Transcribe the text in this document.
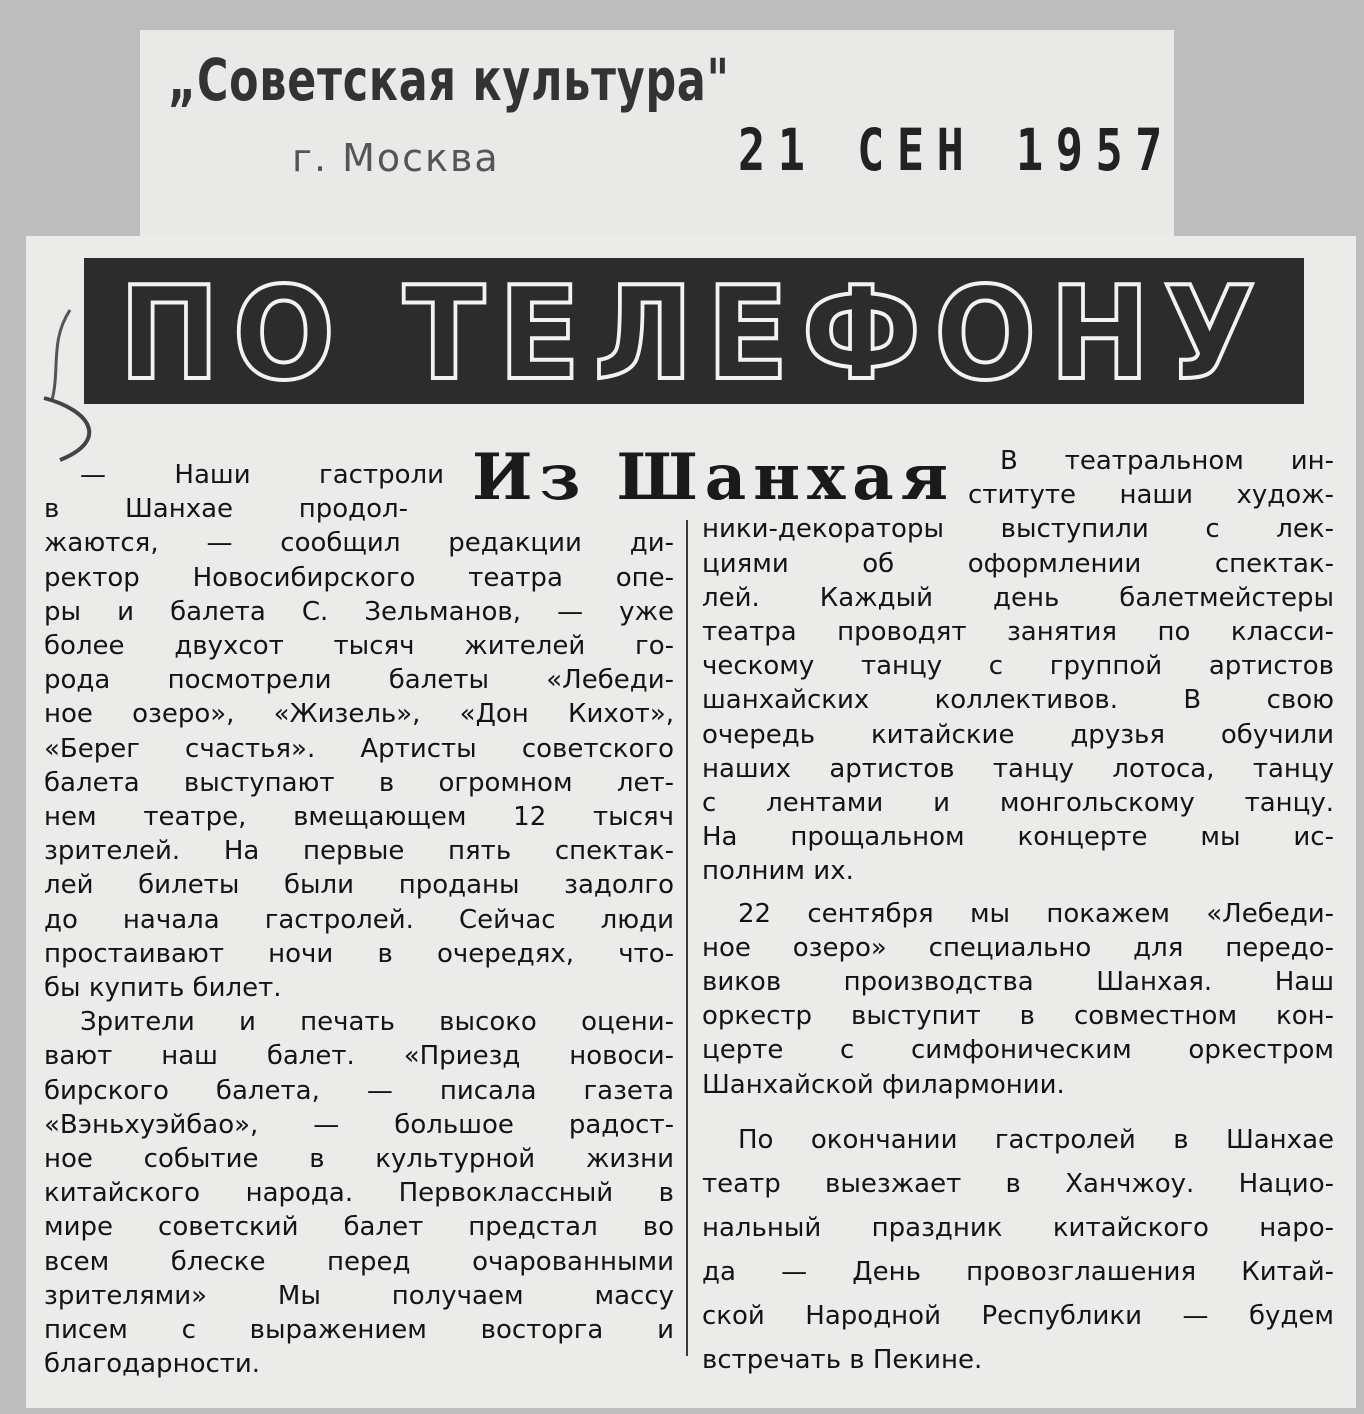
„Советская культура"
г. Москва	21 СЕН 1957
ПО ТЕЛЕФОНУ
Из Шанхая
— Наши гастроли
в Шанхае продол-
жаются, — сообщил редакции ди-
ректор Новосибирского театра опе-
ры и балета С. Зельманов, — уже
более двухсот тысяч жителей го-
рода посмотрели балеты «Лебеди-
ное озеро», «Жизель», «Дон Кихот»,
«Берег счастья». Артисты советского
балета выступают в огромном лет-
нем театре, вмещающем 12 тысяч
зрителей. На первые пять спектак-
лей билеты были проданы задолго
до начала гастролей. Сейчас люди
простаивают ночи в очередях, что-
бы купить билет.
Зрители и печать высоко оцени-
вают наш балет. «Приезд новоси-
бирского балета, — писала газета
«Вэньхуэйбао», — большое радост-
ное событие в культурной жизни
китайского народа. Первоклассный в
мире советский балет предстал во
всем блеске перед очарованными
зрителями» Мы получаем массу
писем с выражением восторга и
благодарности.
В театральном ин-
ституте наши худож-
ники-декораторы выступили с лек-
циями об оформлении спектак-
лей. Каждый день балетмейстеры
театра проводят занятия по класси-
ческому танцу с группой артистов
шанхайских коллективов. В свою
очередь китайские друзья обучили
наших артистов танцу лотоса, танцу
с лентами и монгольскому танцу.
На прощальном концерте мы ис-
полним их.
22 сентября мы покажем «Лебеди-
ное озеро» специально для передо-
виков производства Шанхая. Наш
оркестр выступит в совместном кон-
церте с симфоническим оркестром
Шанхайской филармонии.
По окончании гастролей в Шанхае
театр выезжает в Ханчжоу. Нацио-
нальный праздник китайского наро-
да — День провозглашения Китай-
ской Народной Республики — будем
встречать в Пекине.
